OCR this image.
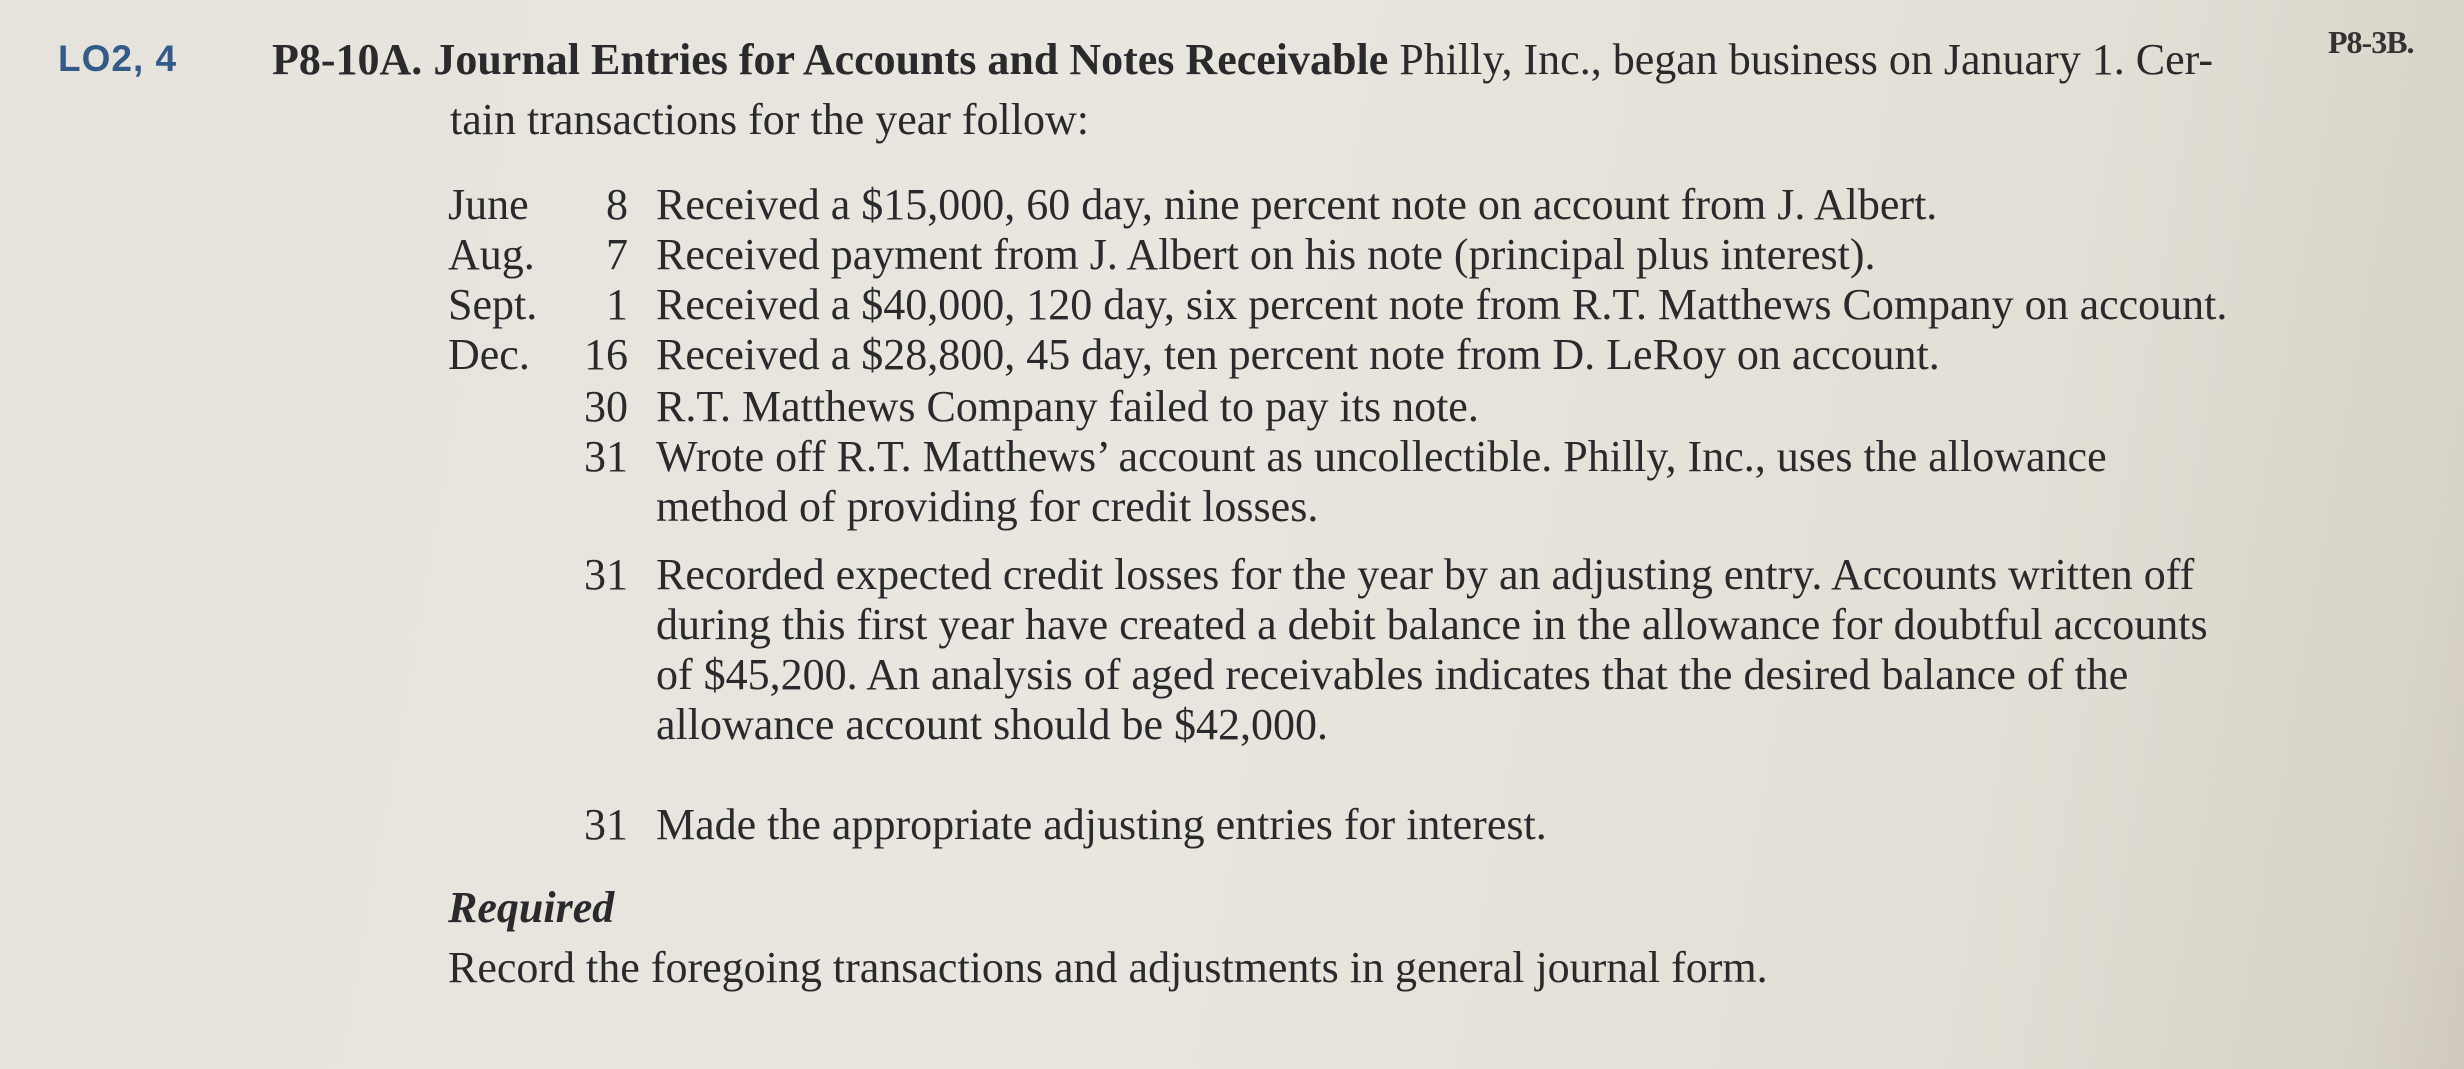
LO2, 4 P8-10A. Journal Entries for Accounts and Notes Receivable Philly, Inc., began business on January 1. Cer-
tain transactions for the year follow:
P8-3B.
June	8 Received a $15,000, 60 day, nine percent note on account from J. Albert.
Aug.	7 Received payment from J. Albert on his note (principal plus interest).
Sept.	1 Received a $40,000, 120 day, six percent note from R.T. Matthews Company on account.
Dec.	16 Received a $28,800, 45 day, ten percent note from D. LeRoy on account.
30 R.T. Matthews Company failed to pay its note.
31 Wrote off R.T. Matthews’ account as uncollectible. Philly, Inc., uses the allowance
method of providing for credit losses.
31 Recorded expected credit losses for the year by an adjusting entry. Accounts written off
during this first year have created a debit balance in the allowance for doubtful accounts
of $45,200. An analysis of aged receivables indicates that the desired balance of the
allowance account should be $42,000.
31 Made the appropriate adjusting entries for interest.
Required
Record the foregoing transactions and adjustments in general journal form.
